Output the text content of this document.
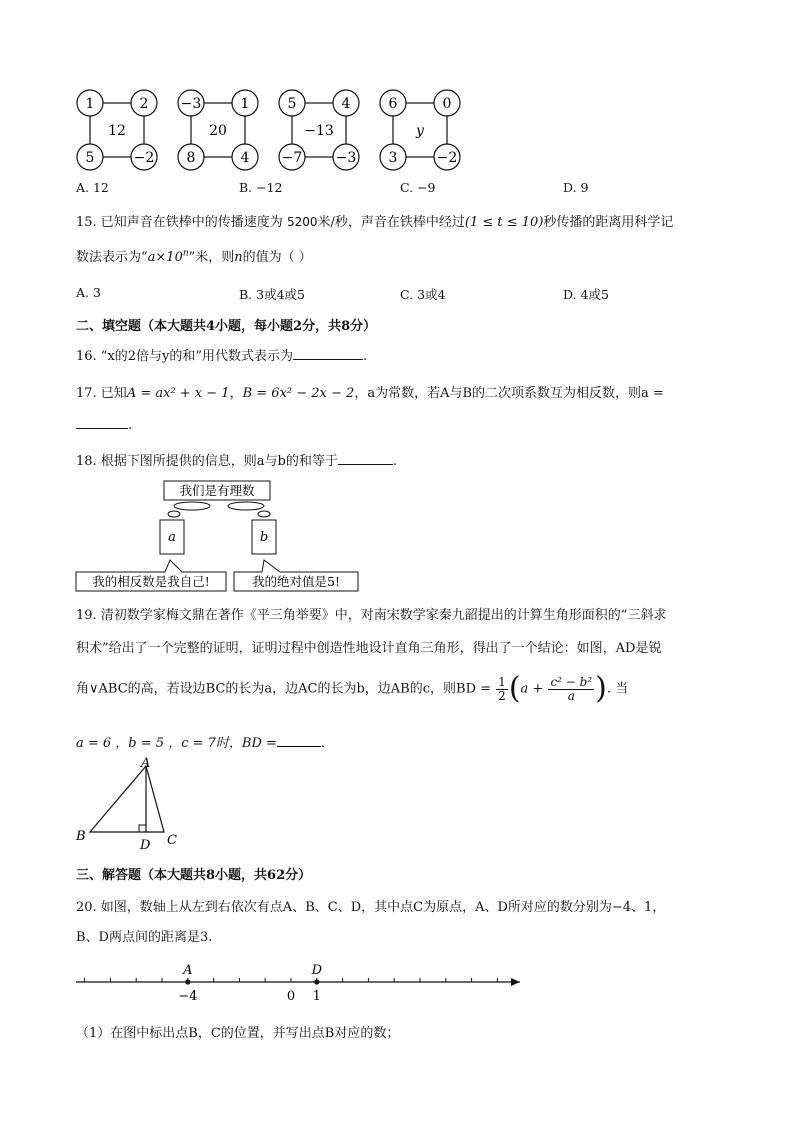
1	2
5	−2
12
−3	1
8	4
20
5	4
−7 −3
−13
6	0
3	−2
y
A. 12	B. −12	C. −9	D. 9
15. 已知声音在铁棒中的传播速度为 5200米/秒，声音在铁棒中经过(1 ≤ t ≤ 10)秒传播的距离用科学记
数法表示为“$a\times 10^n$”米，则n的值为（ ）
A. 3	B. 3或4或5	C. 3或4	D. 4或5
二、填空题（本大题共4小题，每小题2分，共8分）
16. “x的2倍与y的和”用代数式表示为	.
17. 已知A = ax² + x − 1，B = 6x² − 2x − 2，a为常数，若A与B的二次项系数互为相反数，则a =
.
18. 根据下图所提供的信息，则a与b的和等于	.
我们是有理数
a	b
我的相反数是我自己!	我的绝对值是5!
19. 清初数学家梅文鼎在著作《平三角举要》中，对南宋数学家秦九韶提出的计算生角形面积的“三斜求
积术”给出了一个完整的证明，证明过程中创造性地设计直角三角形，得出了一个结论：如图，AD是锐
角∨ABC的高，若设边BC的长为a，边AC的长为b，边AB的c，则BD = $\frac{1}{2} (a + \frac{\text{c² − b²}}{a}$ ). 当
a = 6 ，b = 5 ，c = 7时，BD =	.
A
B	C
D
三、解答题（本大题共8小题，共62分）
20. 如图，数轴上从左到右依次有点A、B、C、D，其中点C为原点，A、D所对应的数分别为−4、1，
B、D两点间的距离是3.
A
−4
D
1
0
（1）在图中标出点B，C的位置，并写出点B对应的数；
